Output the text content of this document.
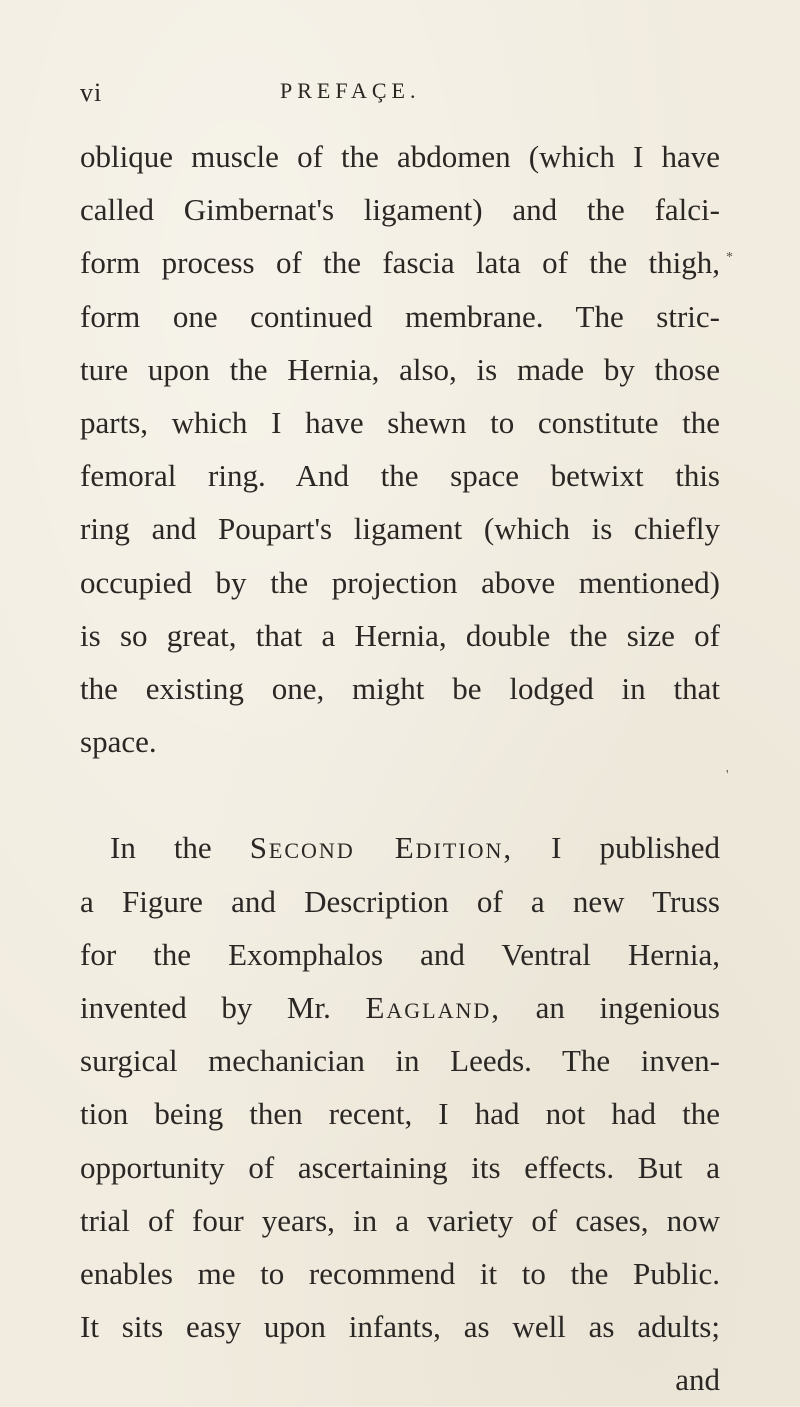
vi	PREFAÇE.
oblique muscle of the abdomen (which I have
called Gimbernat's ligament) and the falci-
form process of the fascia lata of the thigh,
form one continued membrane. The stric-
ture upon the Hernia, also, is made by those
parts, which I have shewn to constitute the
femoral ring. And the space betwixt this
ring and Poupart's ligament (which is chiefly
occupied by the projection above mentioned)
is so great, that a Hernia, double the size of
the existing one, might be lodged in that
space.
In the Second Edition, I published
a Figure and Description of a new Truss
for the Exomphalos and Ventral Hernia,
invented by Mr. Eagland, an ingenious
surgical mechanician in Leeds. The inven-
tion being then recent, I had not had the
opportunity of ascertaining its effects. But a
trial of four years, in a variety of cases, now
enables me to recommend it to the Public.
It sits easy upon infants, as well as adults;
and
*
'
